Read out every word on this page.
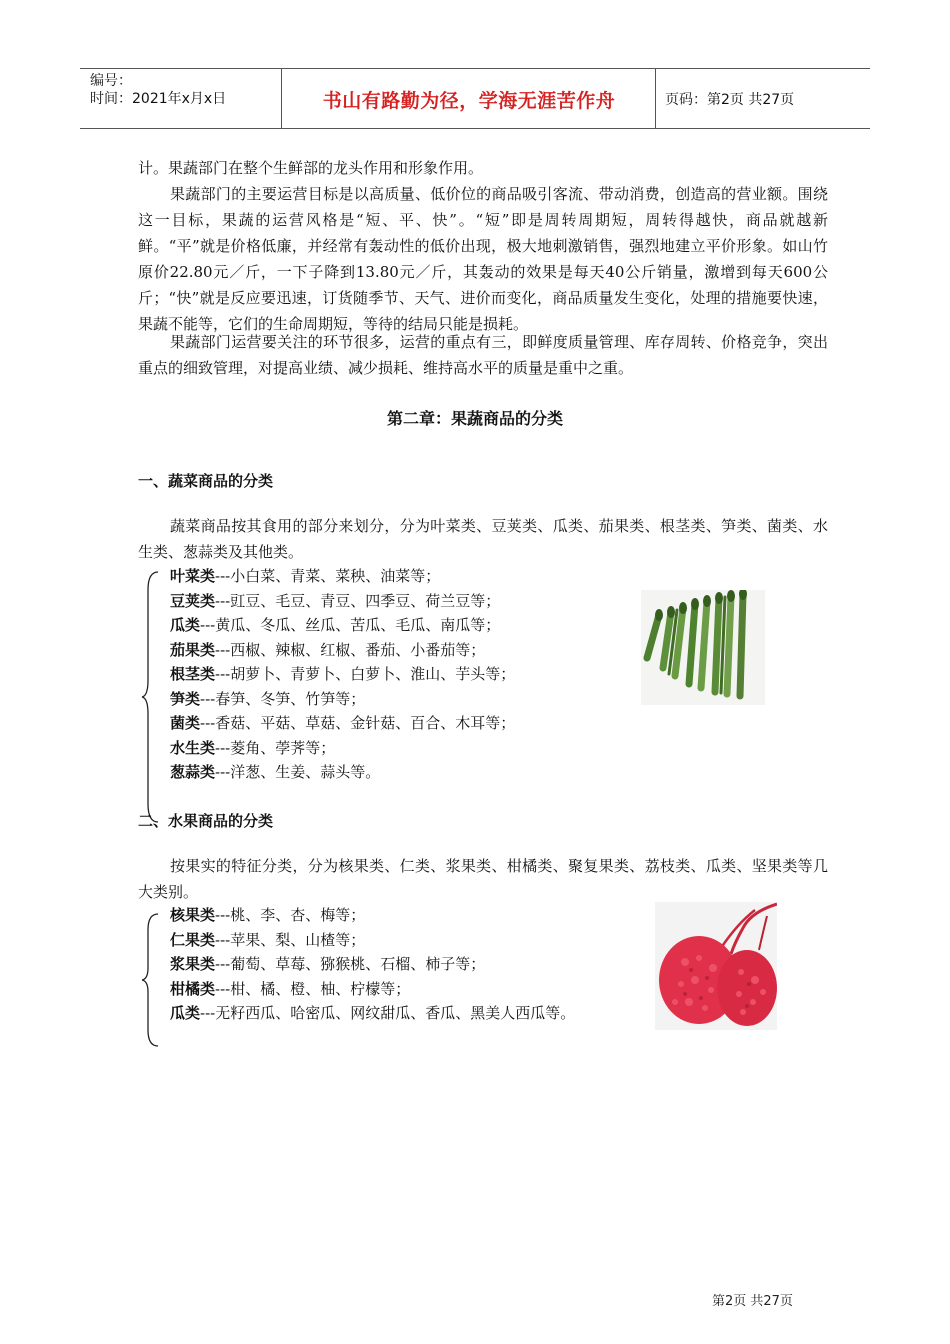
编号：
时间：2021年x月x日	书山有路勤为径，学海无涯苦作舟	页码：第2页 共27页

计。果蔬部门在整个生鲜部的龙头作用和形象作用。

果蔬部门的主要运营目标是以高质量、低价位的商品吸引客流、带动消费，创造高的营业额。围绕这一目标，果蔬的运营风格是“短、平、快”。“短”即是周转周期短，周转得越快，商品就越新鲜。“平”就是价格低廉，并经常有轰动性的低价出现，极大地刺激销售，强烈地建立平价形象。如山竹原价22.80元／斤，一下子降到13.80元／斤，其轰动的效果是每天40公斤销量，激增到每天600公斤；“快”就是反应要迅速，订货随季节、天气、进价而变化，商品质量发生变化，处理的措施要快速，果蔬不能等，它们的生命周期短，等待的结局只能是损耗。

果蔬部门运营要关注的环节很多，运营的重点有三，即鲜度质量管理、库存周转、价格竞争，突出重点的细致管理，对提高业绩、减少损耗、维持高水平的质量是重中之重。

第二章：果蔬商品的分类
一、蔬菜商品的分类

蔬菜商品按其食用的部分来划分，分为叶菜类、豆荚类、瓜类、茄果类、根茎类、笋类、菌类、水生类、葱蒜类及其他类。

叶菜类---小白菜、青菜、菜秧、油菜等；
豆荚类---豇豆、毛豆、青豆、四季豆、荷兰豆等；
瓜类---黄瓜、冬瓜、丝瓜、苦瓜、毛瓜、南瓜等；
茄果类---西椒、辣椒、红椒、番茄、小番茄等；
根茎类---胡萝卜、青萝卜、白萝卜、淮山、芋头等；
笋类---春笋、冬笋、竹笋等；
菌类---香菇、平菇、草菇、金针菇、百合、木耳等；
水生类---菱角、荸荠等；
葱蒜类---洋葱、生姜、蒜头等。
二、水果商品的分类

按果实的特征分类，分为核果类、仁类、浆果类、柑橘类、聚复果类、荔枝类、瓜类、坚果类等几大类别。

核果类---桃、李、杏、梅等；
仁果类---苹果、梨、山楂等；
浆果类---葡萄、草莓、猕猴桃、石榴、柿子等；
柑橘类---柑、橘、橙、柚、柠檬等；
瓜类---无籽西瓜、哈密瓜、网纹甜瓜、香瓜、黑美人西瓜等。
第2页 共27页
